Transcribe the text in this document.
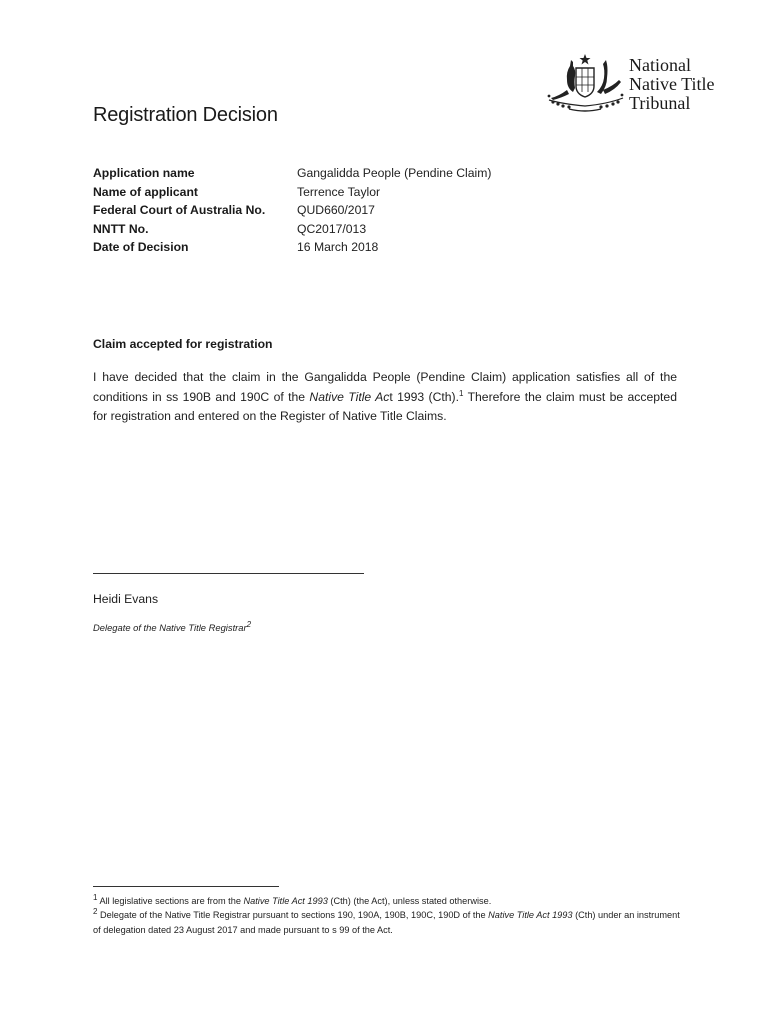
National
Native Title
Tribunal
Registration Decision
Application name	Gangalidda People (Pendine Claim)
Name of applicant	Terrence Taylor
Federal Court of Australia No.	QUD660/2017
NNTT No.	QC2017/013
Date of Decision	16 March 2018
Claim accepted for registration

I have decided that the claim in the Gangalidda People (Pendine Claim) application satisfies all of the conditions in ss 190B and 190C of the Native Title Act 1993 (Cth).$^1$ Therefore the claim must be accepted for registration and entered on the Register of Native Title Claims.

Heidi Evans
Delegate of the Native Title Registrar$^2$
$^1$ All legislative sections are from the Native Title Act 1993 (Cth) (the Act), unless stated otherwise.
$^2$ Delegate of the Native Title Registrar pursuant to sections 190, 190A, 190B, 190C, 190D of the Native Title Act 1993 (Cth) under an instrument of delegation dated 23 August 2017 and made pursuant to s 99 of the Act.
